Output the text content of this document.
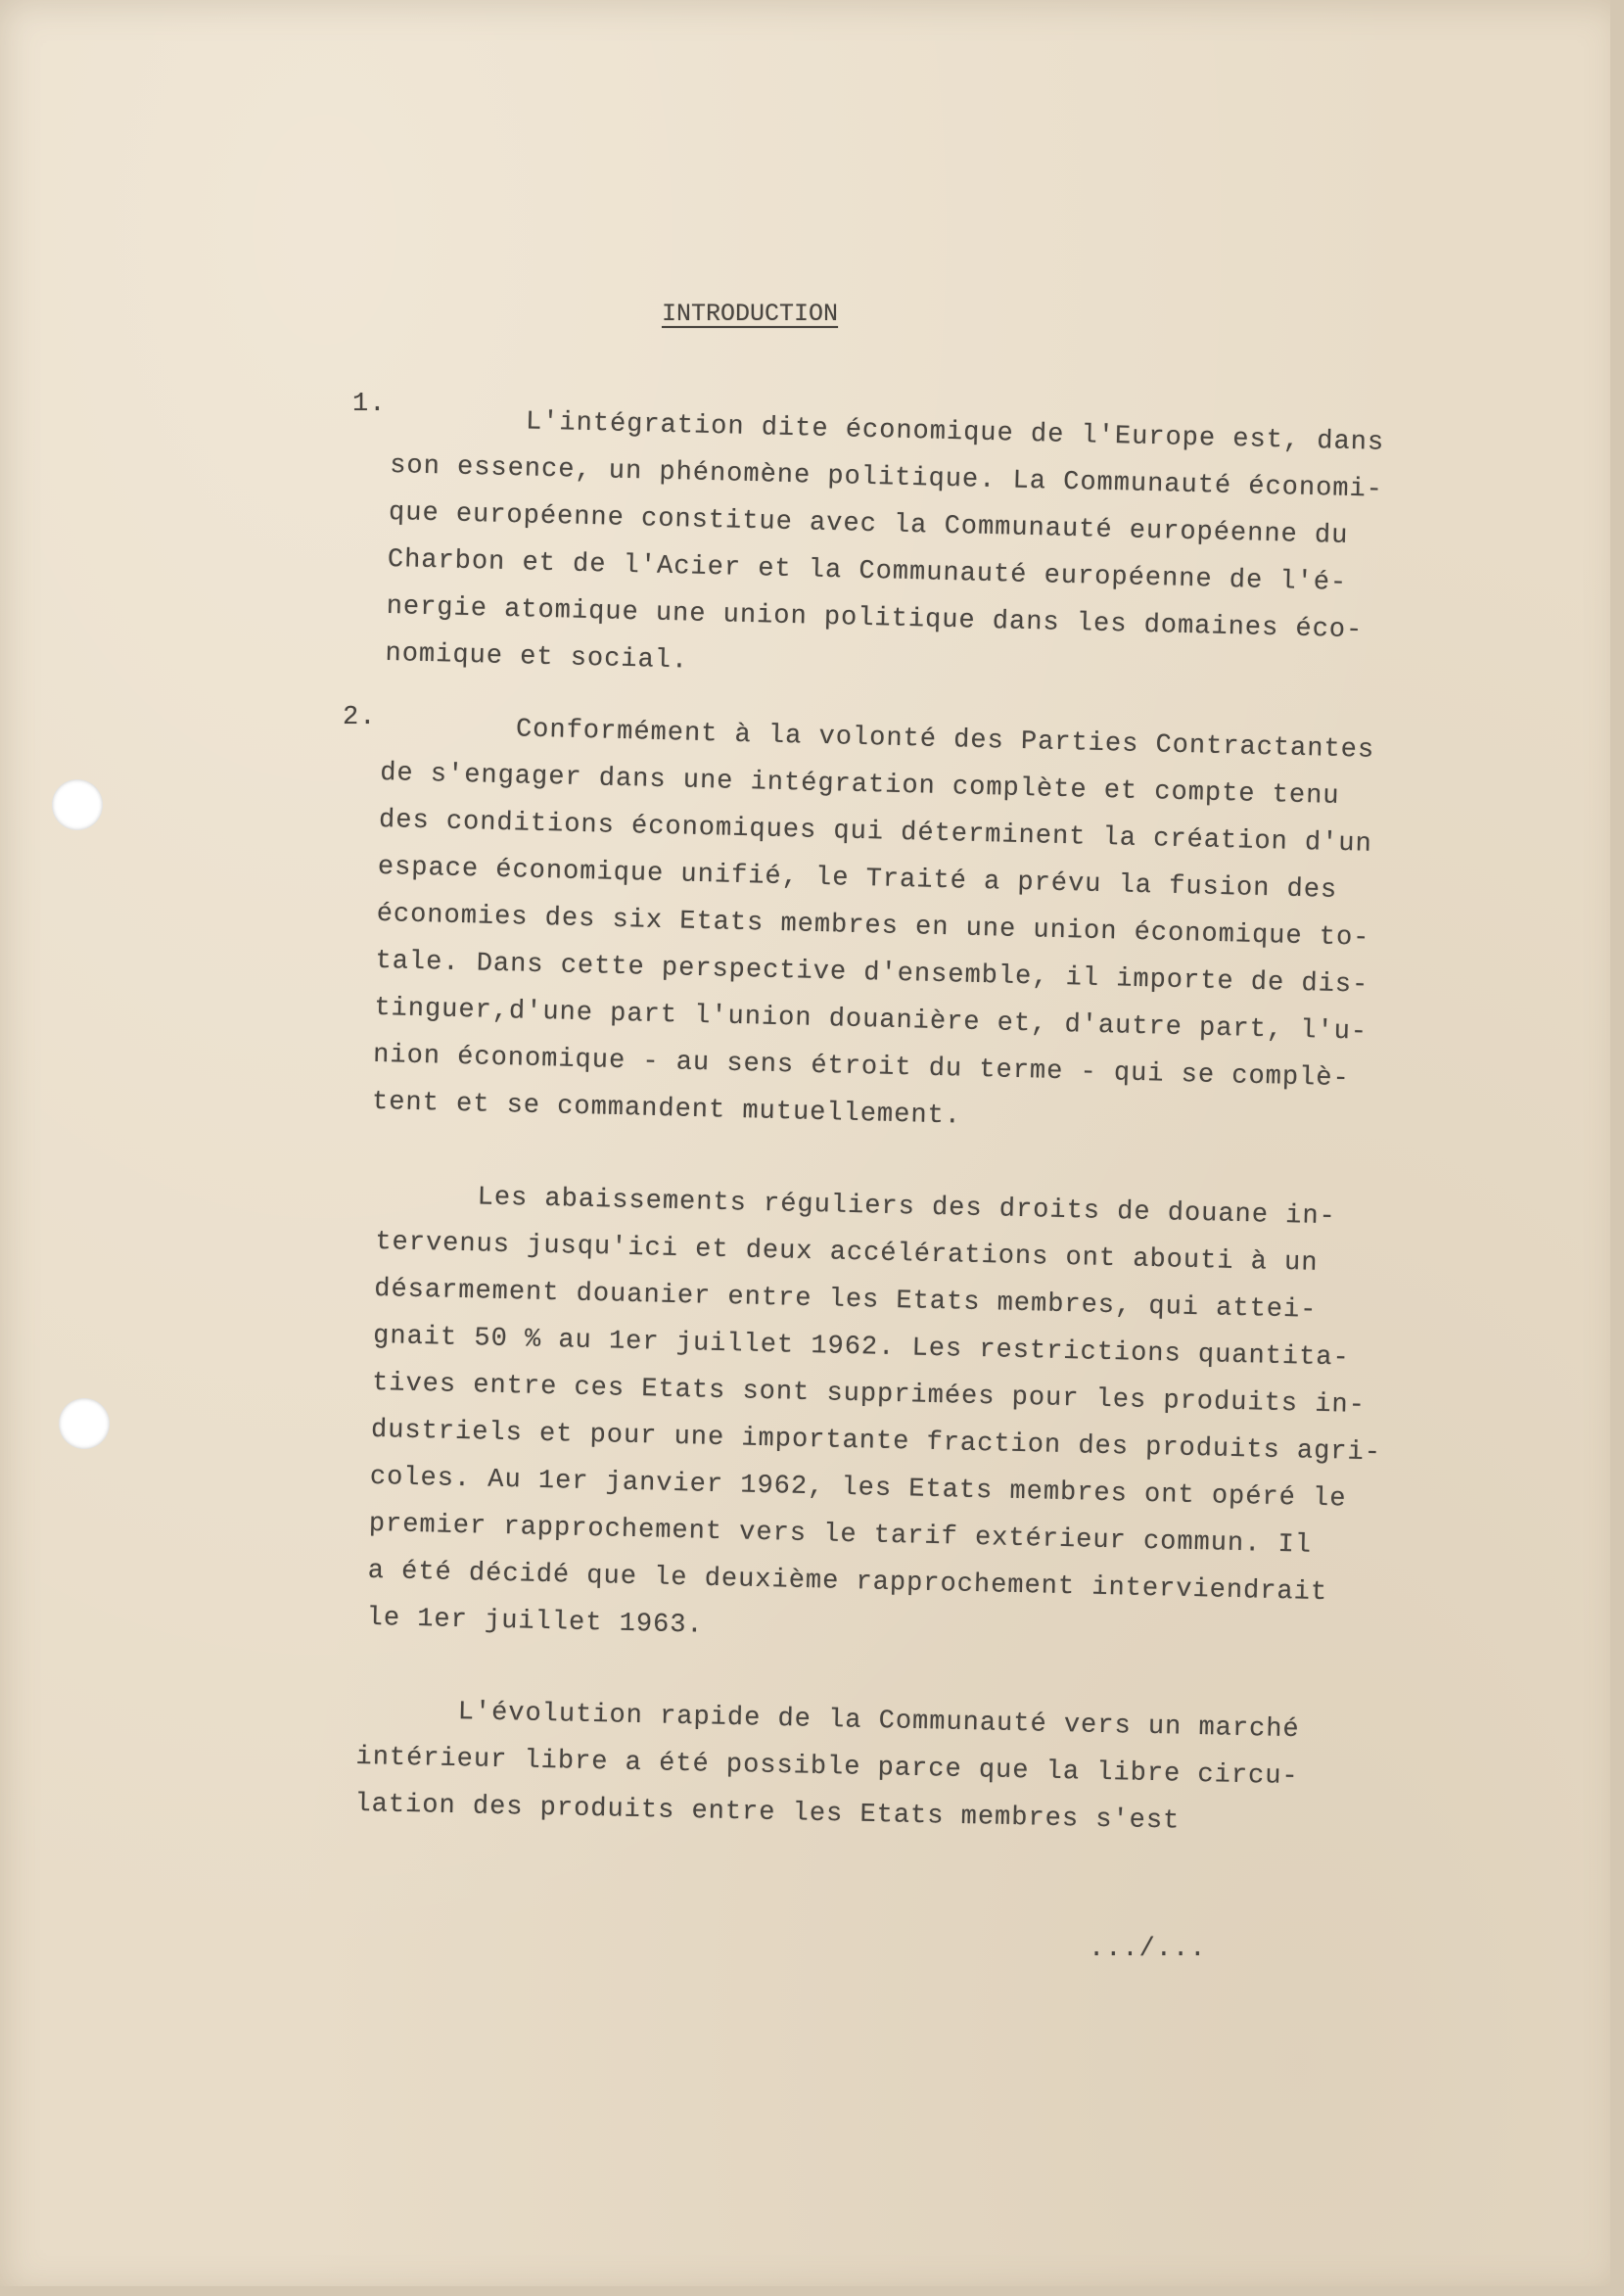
INTRODUCTION
1. L'intégration dite économique de l'Europe est, dans
son essence, un phénomène politique. La Communauté économi-
que européenne constitue avec la Communauté européenne du
Charbon et de l'Acier et la Communauté européenne de l'é-
nergie atomique une union politique dans les domaines éco-
nomique et social.
2. Conformément à la volonté des Parties Contractantes
de s'engager dans une intégration complète et compte tenu
des conditions économiques qui déterminent la création d'un
espace économique unifié, le Traité a prévu la fusion des
économies des six Etats membres en une union économique to-
tale. Dans cette perspective d'ensemble, il importe de dis-
tinguer,d'une part l'union douanière et, d'autre part, l'u-
nion économique - au sens étroit du terme - qui se complè-
tent et se commandent mutuellement.
Les abaissements réguliers des droits de douane in-
tervenus jusqu'ici et deux accélérations ont abouti à un
désarmement douanier entre les Etats membres, qui attei-
gnait 50 % au 1er juillet 1962. Les restrictions quantita-
tives entre ces Etats sont supprimées pour les produits in-
dustriels et pour une importante fraction des produits agri-
coles. Au 1er janvier 1962, les Etats membres ont opéré le
premier rapprochement vers le tarif extérieur commun. Il
a été décidé que le deuxième rapprochement interviendrait
le 1er juillet 1963.
L'évolution rapide de la Communauté vers un marché
intérieur libre a été possible parce que la libre circu-
lation des produits entre les Etats membres s'est
.../...
